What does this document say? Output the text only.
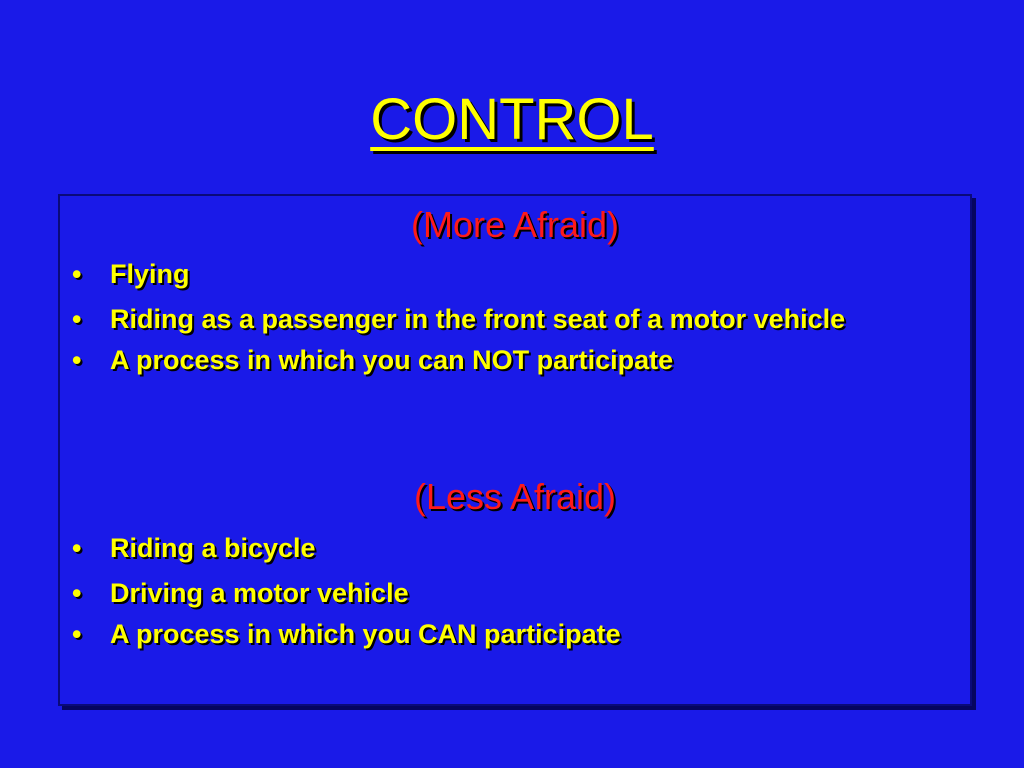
CONTROL
(More Afraid)
• Flying
• Riding as a passenger in the front seat of a motor vehicle
• A process in which you can NOT participate
(Less Afraid)
• Riding a bicycle
• Driving a motor vehicle
• A process in which you CAN participate
